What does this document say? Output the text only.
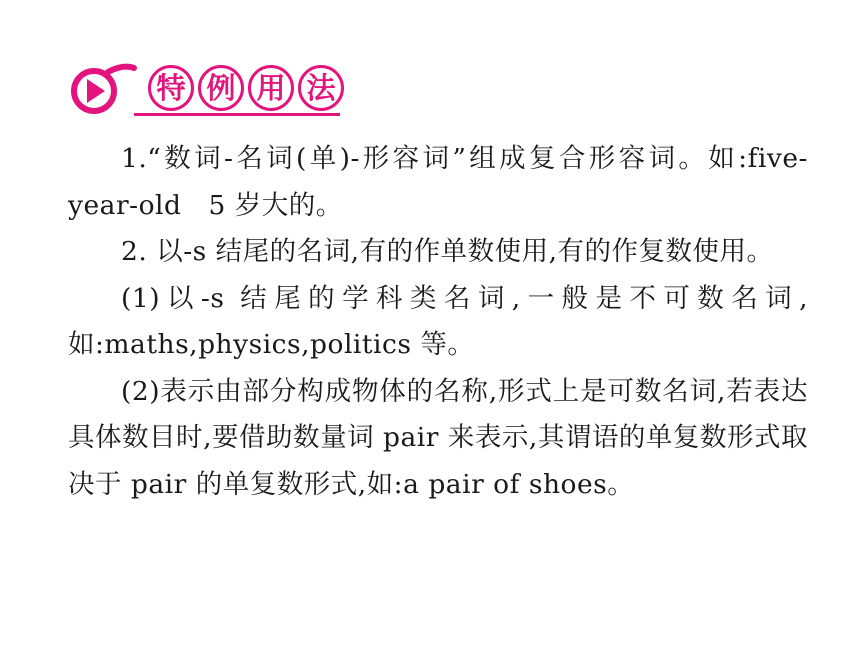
特 例 用 法

1.“数词-名词(单)-形容词”组成复合形容词。如:five-year-old　5 岁大的。

2. 以-s 结尾的名词,有的作单数使用,有的作复数使用。

(1)以-s 结尾的学科类名词,一般是不可数名词,如:maths,physics,politics 等。

(2)表示由部分构成物体的名称,形式上是可数名词,若表达具体数目时,要借助数量词 pair 来表示,其谓语的单复数形式取决于 pair 的单复数形式,如:a pair of shoes。
